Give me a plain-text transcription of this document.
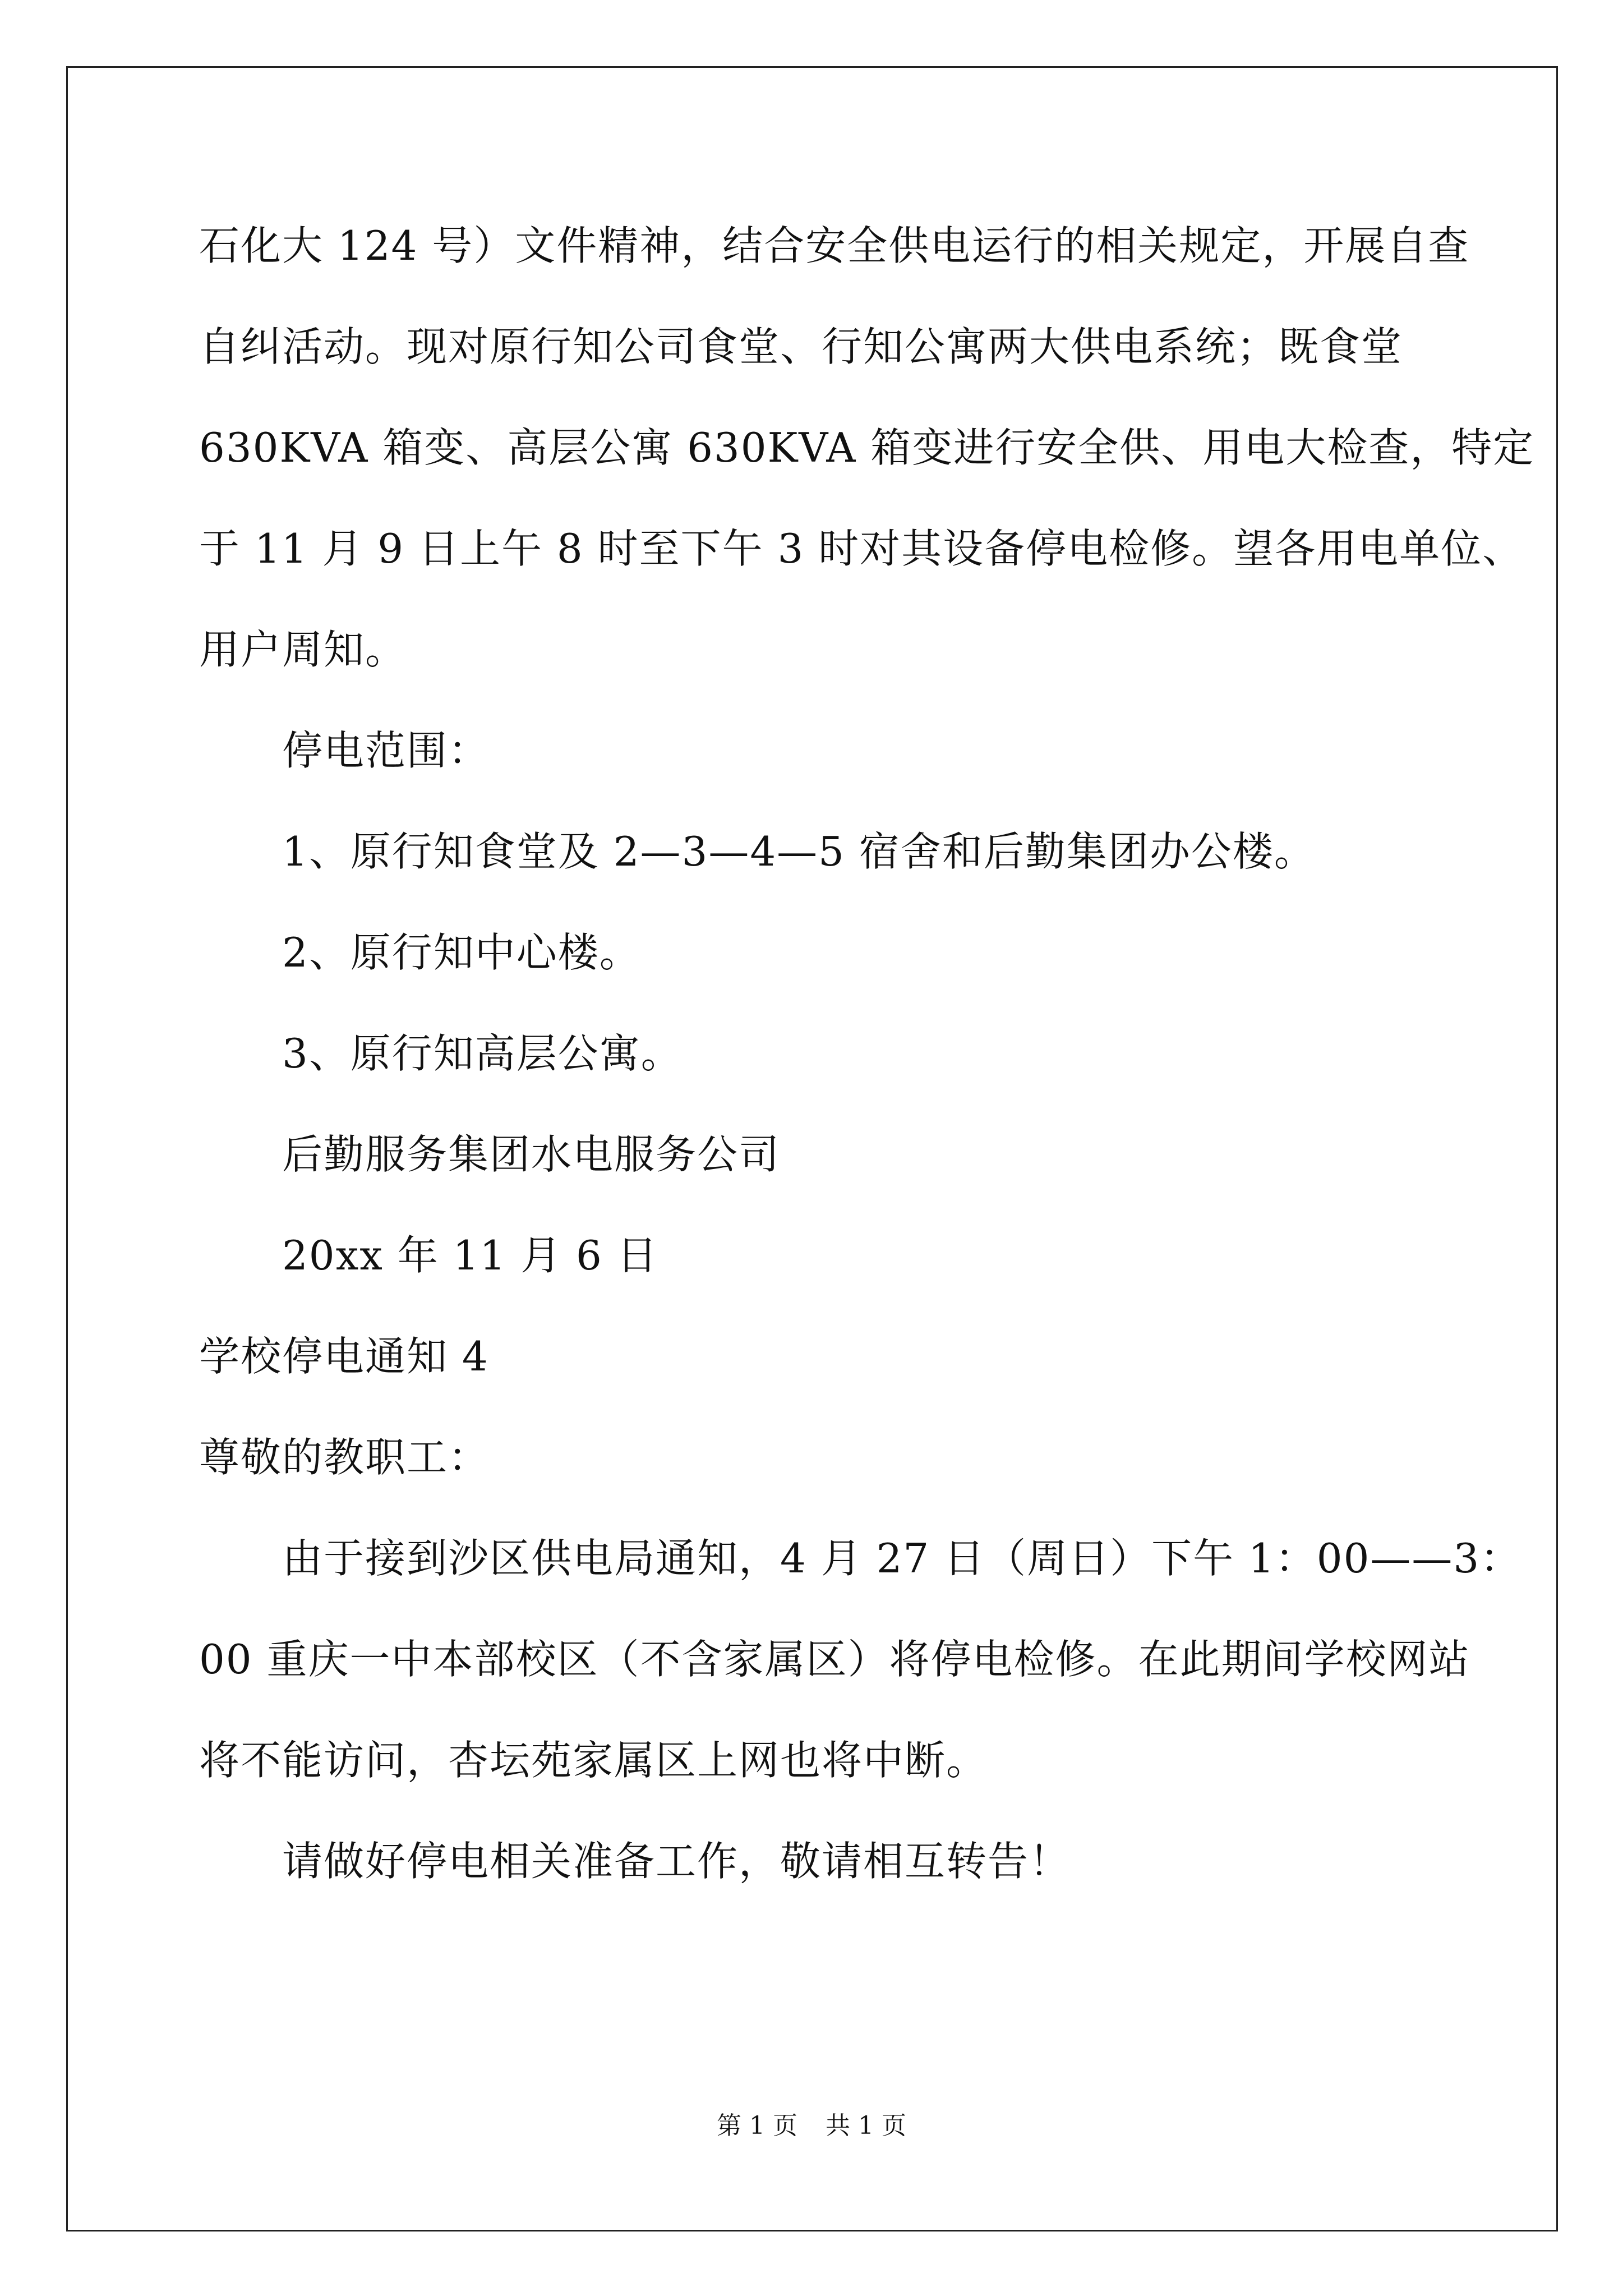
石化大 124 号）文件精神，结合安全供电运行的相关规定，开展自查
自纠活动。现对原行知公司食堂、行知公寓两大供电系统；既食堂
630KVA 箱变、高层公寓 630KVA 箱变进行安全供、用电大检查，特定
于 11 月 9 日上午 8 时至下午 3 时对其设备停电检修。望各用电单位、
用户周知。
停电范围：
1、原行知食堂及 2—3—4—5 宿舍和后勤集团办公楼。
2、原行知中心楼。
3、原行知高层公寓。
后勤服务集团水电服务公司
20xx 年 11 月 6 日
学校停电通知 4
尊敬的教职工：
由于接到沙区供电局通知，4 月 27 日（周日）下午 1：00——3：
00 重庆一中本部校区（不含家属区）将停电检修。在此期间学校网站
将不能访问，杏坛苑家属区上网也将中断。
请做好停电相关准备工作，敬请相互转告！
第 1 页 共 1 页
